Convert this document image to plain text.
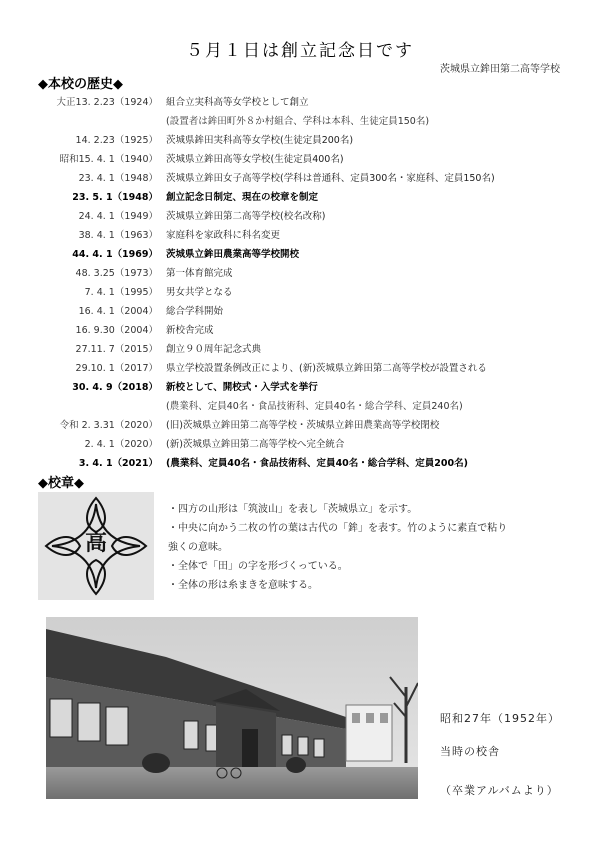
５月１日は創立記念日です
茨城県立鉾田第二高等学校
◆本校の歴史◆
大正13. 2.23（1924） 組合立実科高等女学校として創立
(設置者は鉾田町外８か村組合、学科は本科、生徒定員150名)
14. 2.23（1925） 茨城県鉾田実科高等女学校(生徒定員200名)
昭和15. 4. 1（1940） 茨城県立鉾田高等女学校(生徒定員400名)
23. 4. 1（1948） 茨城県立鉾田女子高等学校(学科は普通科、定員300名・家庭科、定員150名)
23. 5. 1（1948） 創立記念日制定、現在の校章を制定
24. 4. 1（1949） 茨城県立鉾田第二高等学校(校名改称)
38. 4. 1（1963） 家庭科を家政科に科名変更
44. 4. 1（1969） 茨城県立鉾田農業高等学校開校
48. 3.25（1973） 第一体育館完成
7. 4. 1（1995） 男女共学となる
16. 4. 1（2004） 総合学科開始
16. 9.30（2004） 新校舎完成
27.11. 7（2015） 創立９０周年記念式典
29.10. 1（2017） 県立学校設置条例改正により、(新)茨城県立鉾田第二高等学校が設置される
30. 4. 9（2018） 新校として、開校式・入学式を挙行
(農業科、定員40名・食品技術科、定員40名・総合学科、定員240名)
令和 2. 3.31（2020） (旧)茨城県立鉾田第二高等学校・茨城県立鉾田農業高等学校閉校
2. 4. 1（2020） (新)茨城県立鉾田第二高等学校へ完全統合
3. 4. 1（2021） (農業科、定員40名・食品技術科、定員40名・総合学科、定員200名)
◆校章◆
高
・四方の山形は「筑波山」を表し「茨城県立」を示す。
・中央に向かう二枚の竹の葉は古代の「鉾」を表す。竹のように素直で粘り
強くの意味。
・全体で「田」の字を形づくっている。
・全体の形は糸まきを意味する。
昭和27年（1952年）
当時の校舎
（卒業アルバムより）
